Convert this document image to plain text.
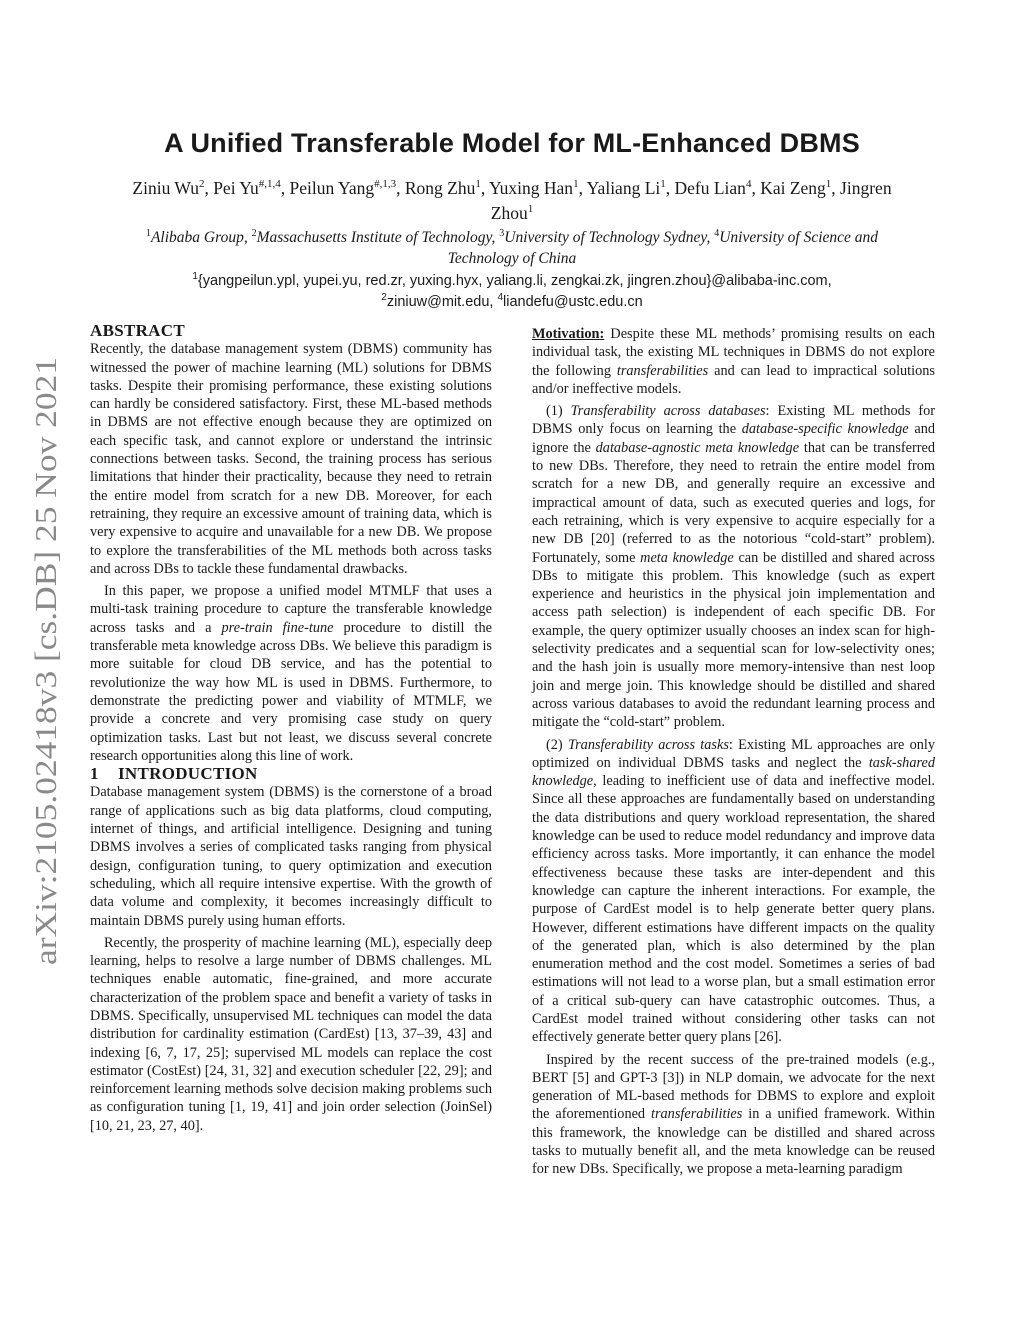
arXiv:2105.02418v3 [cs.DB] 25 Nov 2021
A Unified Transferable Model for ML-Enhanced DBMS
Ziniu Wu$^2$, Pei $Yu^{\#,1,4}$, Peilun Yang$^{\#,1,3}$, Rong Zhu$^1$, Yuxing Han$^1$, Yaliang Li$^1$, Defu Lian$^4$, Kai Zeng$^1$, Jingren Zhou$^1$
$^1$Alibaba Group, $^2$Massachusetts Institute of Technology, $^3$University of Technology Sydney, $^4$University of Science and Technology of China
$^1${yangpeilun.ypl, yupei.yu, red.zr, yuxing.hyx, yaliang.li, zengkai.zk, jingren.zhou}@alibaba-inc.com,
$^2$ziniuw@mit.edu, $^4$liandefu@ustc.edu.cn
ABSTRACT

Recently, the database management system (DBMS) community has witnessed the power of machine learning (ML) solutions for DBMS tasks. Despite their promising performance, these existing solutions can hardly be considered satisfactory. First, these ML-based methods in DBMS are not effective enough because they are optimized on each specific task, and cannot explore or understand the intrinsic connections between tasks. Second, the training process has serious limitations that hinder their practicality, because they need to retrain the entire model from scratch for a new DB. Moreover, for each retraining, they require an excessive amount of training data, which is very expensive to acquire and unavailable for a new DB. We propose to explore the transferabilities of the ML methods both across tasks and across DBs to tackle these fundamental drawbacks.

In this paper, we propose a unified model MTMLF that uses a multi-task training procedure to capture the transferable knowledge across tasks and a pre-train fine-tune procedure to distill the transferable meta knowledge across DBs. We believe this paradigm is more suitable for cloud DB service, and has the potential to revolutionize the way how ML is used in DBMS. Furthermore, to demonstrate the predicting power and viability of MTMLF, we provide a concrete and very promising case study on query optimization tasks. Last but not least, we discuss several concrete research opportunities along this line of work.

1 INTRODUCTION

Database management system (DBMS) is the cornerstone of a broad range of applications such as big data platforms, cloud computing, internet of things, and artificial intelligence. Designing and tuning DBMS involves a series of complicated tasks ranging from physical design, configuration tuning, to query optimization and execution scheduling, which all require intensive expertise. With the growth of data volume and complexity, it becomes increasingly difficult to maintain DBMS purely using human efforts.

Recently, the prosperity of machine learning (ML), especially deep learning, helps to resolve a large number of DBMS challenges. ML techniques enable automatic, fine-grained, and more accurate characterization of the problem space and benefit a variety of tasks in DBMS. Specifically, unsupervised ML techniques can model the data distribution for cardinality estimation (CardEst) [13, 37–39, 43] and indexing [6, 7, 17, 25]; supervised ML models can replace the cost estimator (CostEst) [24, 31, 32] and execution scheduler [22, 29]; and reinforcement learning methods solve decision making problems such as configuration tuning [1, 19, 41] and join order selection (JoinSel) [10, 21, 23, 27, 40].

Motivation: Despite these ML methods’ promising results on each individual task, the existing ML techniques in DBMS do not explore the following transferabilities and can lead to impractical solutions and/or ineffective models.

(1) Transferability across databases: Existing ML methods for DBMS only focus on learning the database-specific knowledge and ignore the database-agnostic meta knowledge that can be transferred to new DBs. Therefore, they need to retrain the entire model from scratch for a new DB, and generally require an excessive and impractical amount of data, such as executed queries and logs, for each retraining, which is very expensive to acquire especially for a new DB [20] (referred to as the notorious “cold-start” problem). Fortunately, some meta knowledge can be distilled and shared across DBs to mitigate this problem. This knowledge (such as expert experience and heuristics in the physical join implementation and access path selection) is independent of each specific DB. For example, the query optimizer usually chooses an index scan for high-selectivity predicates and a sequential scan for low-selectivity ones; and the hash join is usually more memory-intensive than nest loop join and merge join. This knowledge should be distilled and shared across various databases to avoid the redundant learning process and mitigate the “cold-start” problem.

(2) Transferability across tasks: Existing ML approaches are only optimized on individual DBMS tasks and neglect the task-shared knowledge, leading to inefficient use of data and ineffective model. Since all these approaches are fundamentally based on understanding the data distributions and query workload representation, the shared knowledge can be used to reduce model redundancy and improve data efficiency across tasks. More importantly, it can enhance the model effectiveness because these tasks are inter-dependent and this knowledge can capture the inherent interactions. For example, the purpose of CardEst model is to help generate better query plans. However, different estimations have different impacts on the quality of the generated plan, which is also determined by the plan enumeration method and the cost model. Sometimes a series of bad estimations will not lead to a worse plan, but a small estimation error of a critical sub-query can have catastrophic outcomes. Thus, a CardEst model trained without considering other tasks can not effectively generate better query plans [26].

Inspired by the recent success of the pre-trained models (e.g., BERT [5] and GPT-3 [3]) in NLP domain, we advocate for the next generation of ML-based methods for DBMS to explore and exploit the aforementioned transferabilities in a unified framework. Within this framework, the knowledge can be distilled and shared across tasks to mutually benefit all, and the meta knowledge can be reused for new DBs. Specifically, we propose a meta-learning paradigm
